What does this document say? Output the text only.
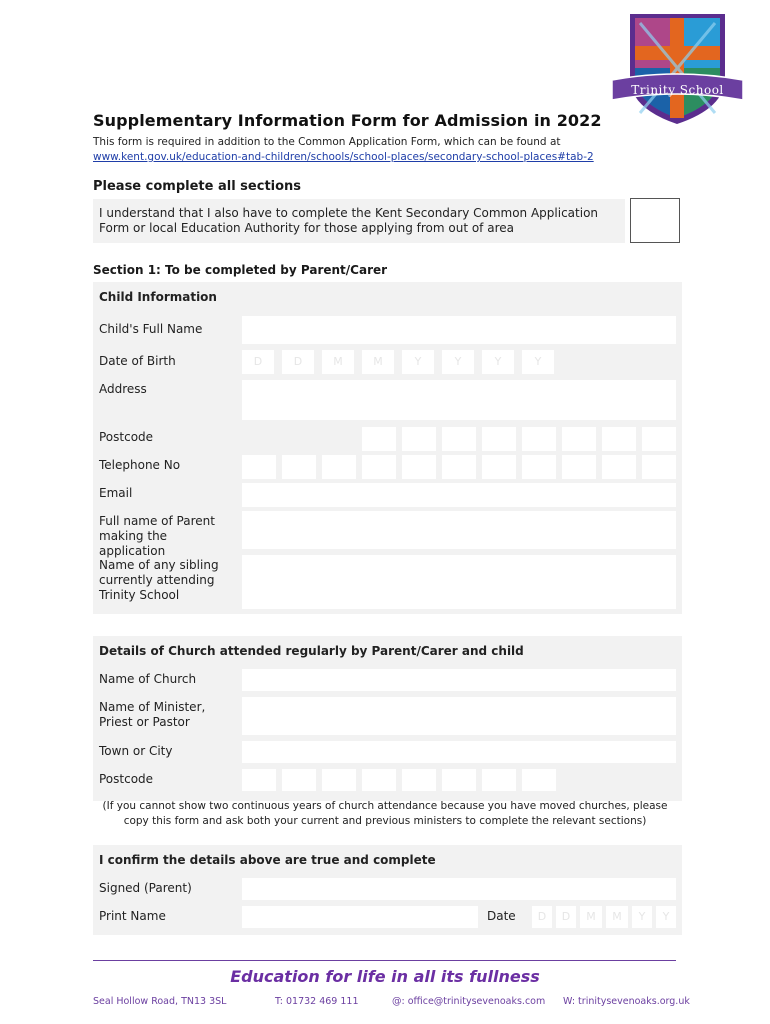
Trinity School
Supplementary Information Form for Admission in 2022
This form is required in addition to the Common Application Form, which can be found at
www.kent.gov.uk/education-and-children/schools/school-places/secondary-school-places#tab-2
Please complete all sections
I understand that I also have to complete the Kent Secondary Common Application Form or local Education Authority for those applying from out of area
Section 1: To be completed by Parent/Carer
Child Information
Child's Full Name
Date of Birth	D	D	M	M	Y	Y	Y	Y
Address
Postcode
Telephone No
Email
Full name of Parent making the application
Name of any sibling currently attending Trinity School
Details of Church attended regularly by Parent/Carer and child
Name of Church
Name of Minister, Priest or Pastor
Town or City
Postcode
(If you cannot show two continuous years of church attendance because you have moved churches, please copy this form and ask both your current and previous ministers to complete the relevant sections)
I confirm the details above are true and complete
Signed (Parent)
Print Name	Date	D	D	M	M	Y	Y
Education for life in all its fullness
Seal Hollow Road, TN13 3SL	T: 01732 469 111	@: office@trinitysevenoaks.com W: trinitysevenoaks.org.uk
